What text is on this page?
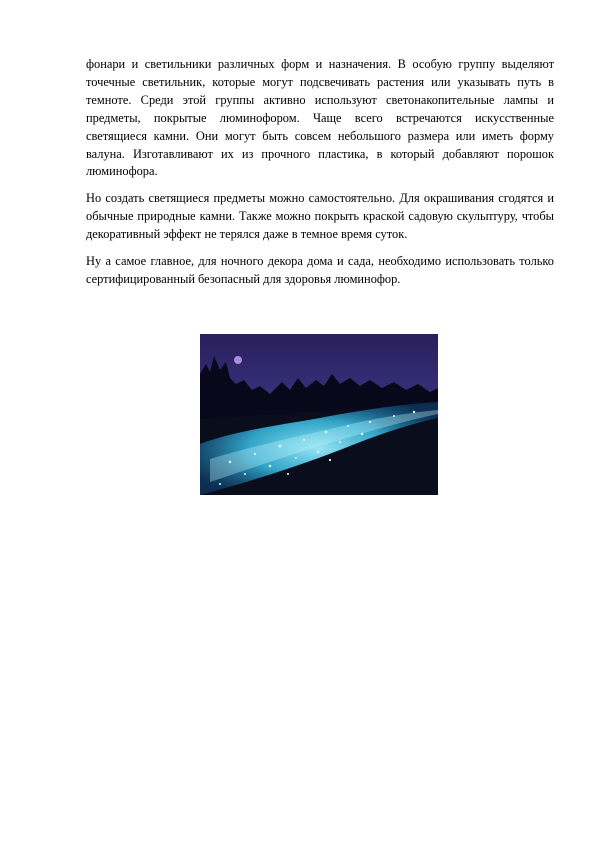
фонари и светильники различных форм и назначения. В особую группу выделяют точечные светильник, которые могут подсвечивать растения или указывать путь в темноте. Среди этой группы активно используют светонакопительные лампы и предметы, покрытые люминофором. Чаще всего встречаются искусственные светящиеся камни. Они могут быть совсем небольшого размера или иметь форму валуна. Изготавливают их из прочного пластика, в который добавляют порошок люминофора.

Но создать светящиеся предметы можно самостоятельно. Для окрашивания сгодятся и обычные природные камни. Также можно покрыть краской садовую скульптуру, чтобы декоративный эффект не терялся даже в темное время суток.

Ну а самое главное, для ночного декора дома и сада, необходимо использовать только сертифицированный безопасный для здоровья люминофор.
